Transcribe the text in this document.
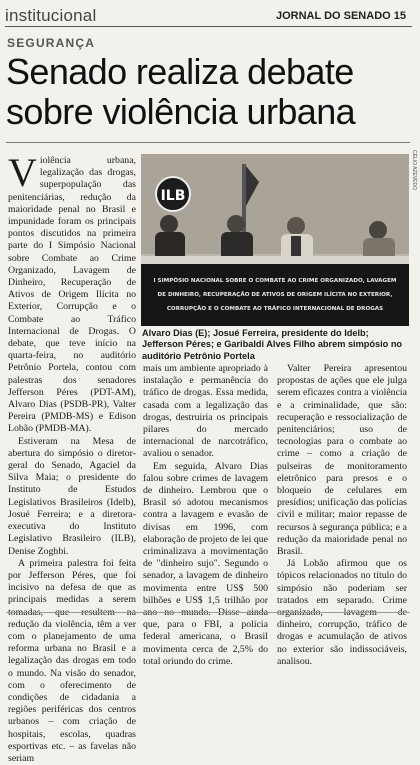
institucional	JORNAL DO SENADO 15
SEGURANÇA
Senado realiza debate
sobre violência urbana
CÉLIO AZEVEDO

Violência urbana, legalização das drogas, superpopulação das penitenciárias, redução da maioridade penal no Brasil e impunidade foram os principais pontos discutidos na primeira parte do I Simpósio Nacional sobre Combate ao Crime Organizado, Lavagem de Dinheiro, Recuperação de Ativos de Origem Ilícita no Exterior, Corrupção e o Combate ao Tráfico Internacional de Drogas. O debate, que teve início na quarta-feira, no auditório Petrônio Portela, contou com palestras dos senadores Jefferson Péres (PDT-AM), Alvaro Dias (PSDB-PR), Valter Pereira (PMDB-MS) e Edison Lobão (PMDB-MA).

Estiveram na Mesa de abertura do simpósio o diretor-geral do Senado, Agaciel da Silva Maia; o presidente do Instituto de Estudos Legislativos Brasileiros (Idelb), Josué Ferreira; e a diretora-executiva do Instituto Legislativo Brasileiro (ILB), Denise Zoghbi.

A primeira palestra foi feita por Jefferson Péres, que foi incisivo na defesa de que as principais medidas a serem tomadas, que resultem na redução da violência, têm a ver com o planejamento de uma reforma urbana no Brasil e a legalização das drogas em todo o mundo. Na visão do senador, com o oferecimento de condições de cidadania a regiões periféricas dos centros urbanos – com criação de hospitais, escolas, quadras esportivas etc. – as favelas não seriam

ILB
I SIMPÓSIO NACIONAL SOBRE O COMBATE AO CRIME ORGANIZADO, LAVAGEM
DE DINHEIRO, RECUPERAÇÃO DE ATIVOS DE ORIGEM ILÍCITA NO EXTERIOR,
CORRUPÇÃO E O COMBATE AO TRÁFICO INTERNACIONAL DE DROGAS
Alvaro Dias (E); Josué Ferreira, presidente do Idelb; Jefferson Péres; e Garibaldi Alves Filho abrem simpósio no auditório Petrônio Portela

mais um ambiente apropriado à instalação e permanência do tráfico de drogas. Essa medida, casada com a legalização das drogas, destruiria os principais pilares do mercado internacional de narcotráfico, avaliou o senador.

Em seguida, Alvaro Dias falou sobre crimes de lavagem de dinheiro. Lembrou que o Brasil só adotou mecanismos contra a lavagem e evasão de divisas em 1996, com elaboração de projeto de lei que criminalizava a movimentação de "dinheiro sujo". Segundo o senador, a lavagem de dinheiro movimenta entre US$ 500 bilhões e US$ 1,5 trilhão por ano no mundo. Disse ainda que, para o FBI, a polícia federal americana, o Brasil movimenta cerca de 2,5% do total oriundo do crime.

Valter Pereira apresentou propostas de ações que ele julga serem eficazes contra a violência e a criminalidade, que são: recuperação e ressocialização de penitenciários; uso de tecnologias para o combate ao crime – como a criação de pulseiras de monitoramento eletrônico para presos e o bloqueio de celulares em presídios; unificação das polícias civil e militar; maior repasse de recursos à segurança pública; e a redução da maioridade penal no Brasil.

Já Lobão afirmou que os tópicos relacionados no título do simpósio não poderiam ser tratados em separado. Crime organizado, lavagem de dinheiro, corrupção, tráfico de drogas e acumulação de ativos no exterior são indissociáveis, analisou.
